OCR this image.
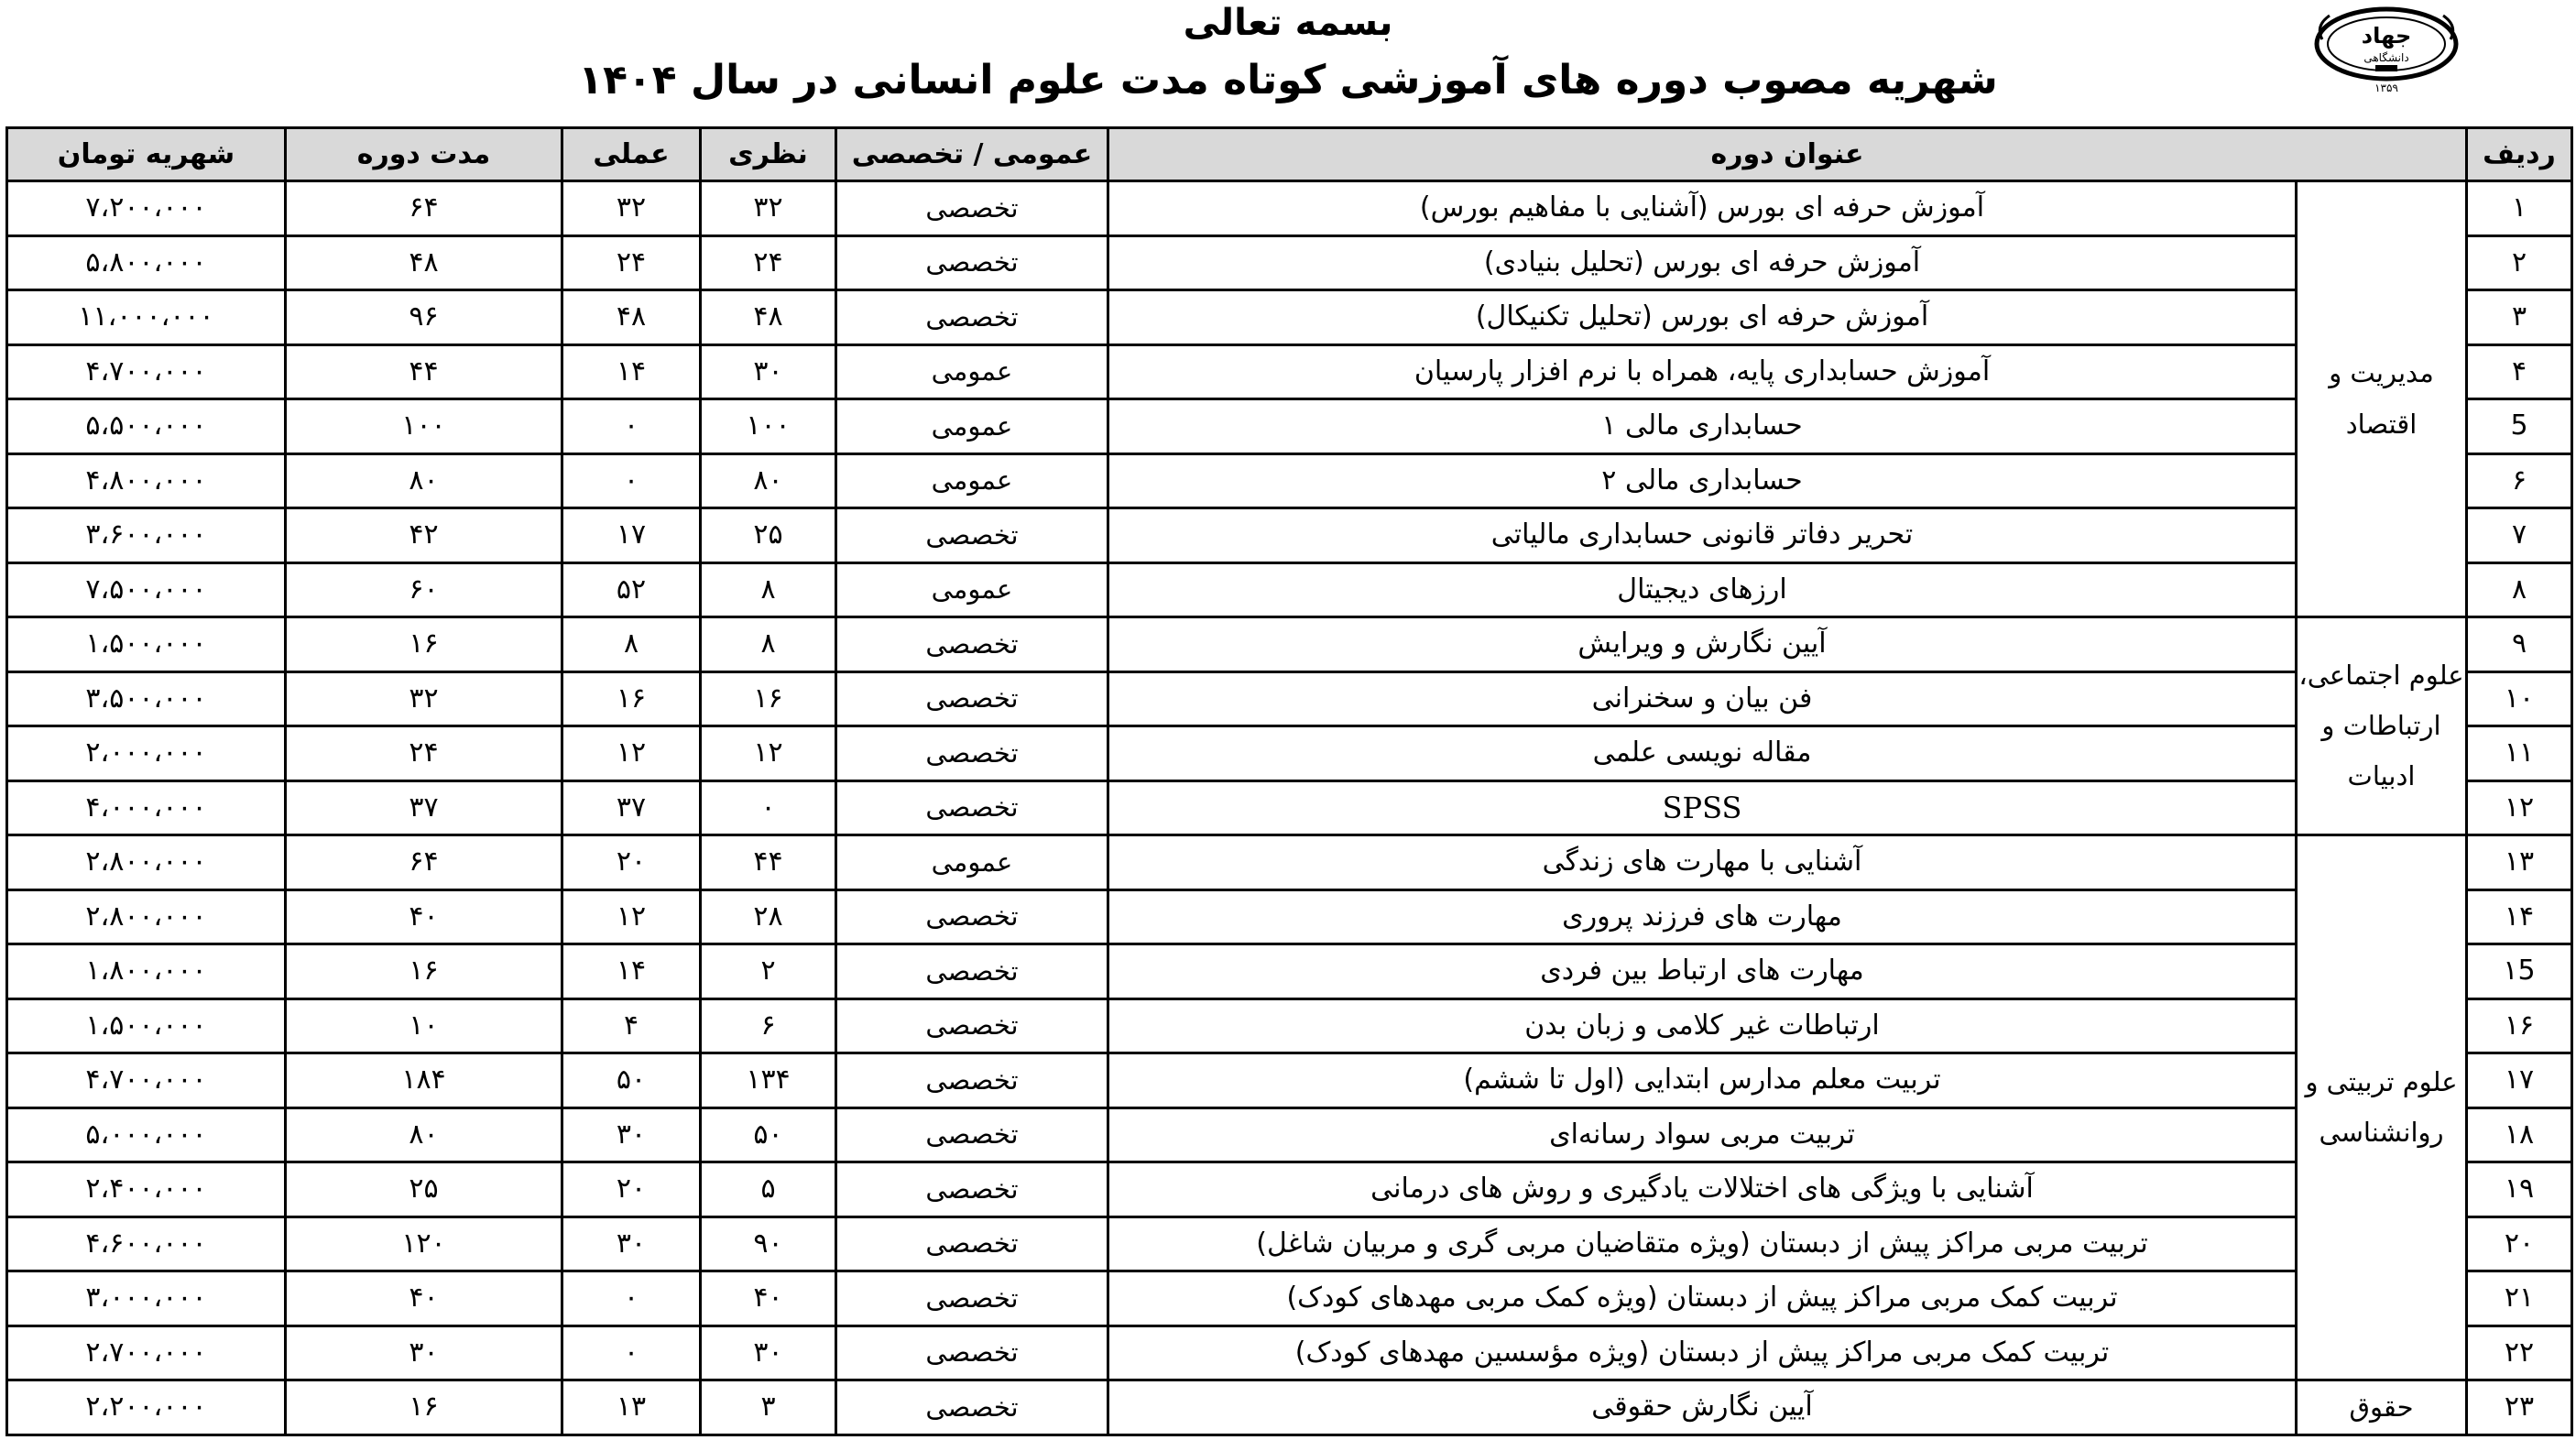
جهاد
دانشگاهی
۱۳۵۹
بسمه تعالی
شهریه مصوب دوره های آموزشی کوتاه مدت علوم انسانی در سال ۱۴۰۴
ردیف	عنوان دوره		عمومی / تخصصی	نظری	عملی	مدت دوره	شهریه تومان
۱	مدیریت و اقتصاد	آموزش حرفه ای بورس (آشنایی با مفاهیم بورس)	تخصصی	۳۲	۳۲	۶۴	۷،۲۰۰،۰۰۰
۲		آموزش حرفه ای بورس (تحلیل بنیادی)	تخصصی	۲۴	۲۴	۴۸	۵،۸۰۰،۰۰۰
۳		آموزش حرفه ای بورس (تحلیل تکنیکال)	تخصصی	۴۸	۴۸	۹۶	۱۱،۰۰۰،۰۰۰
۴		آموزش حسابداری پایه، همراه با نرم افزار پارسیان	عمومی	۳۰	۱۴	۴۴	۴،۷۰۰،۰۰۰
5		حسابداری مالی ۱	عمومی	۱۰۰	۰	۱۰۰	۵،۵۰۰،۰۰۰
۶		حسابداری مالی ۲	عمومی	۸۰	۰	۸۰	۴،۸۰۰،۰۰۰
۷		تحریر دفاتر قانونی حسابداری مالیاتی	تخصصی	۲۵	۱۷	۴۲	۳،۶۰۰،۰۰۰
۸		ارزهای دیجیتال	عمومی	۸	۵۲	۶۰	۷،۵۰۰،۰۰۰
۹	علوم اجتماعی، ارتباطات و ادبیات	آیین نگارش و ویرایش	تخصصی	۸	۸	۱۶	۱،۵۰۰،۰۰۰
۱۰		فن بیان و سخنرانی	تخصصی	۱۶	۱۶	۳۲	۳،۵۰۰،۰۰۰
۱۱		مقاله نویسی علمی	تخصصی	۱۲	۱۲	۲۴	۲،۰۰۰،۰۰۰
۱۲		SPSS	تخصصی	۰	۳۷	۳۷	۴،۰۰۰،۰۰۰
۱۳	علوم تربیتی و روانشناسی	آشنایی با مهارت های زندگی	عمومی	۴۴	۲۰	۶۴	۲،۸۰۰،۰۰۰
۱۴		مهارت های فرزند پروری	تخصصی	۲۸	۱۲	۴۰	۲،۸۰۰،۰۰۰
۱5		مهارت های ارتباط بین فردی	تخصصی	۲	۱۴	۱۶	۱،۸۰۰،۰۰۰
۱۶		ارتباطات غیر کلامی و زبان بدن	تخصصی	۶	۴	۱۰	۱،۵۰۰،۰۰۰
۱۷		تربیت معلم مدارس ابتدایی (اول تا ششم)	تخصصی	۱۳۴	۵۰	۱۸۴	۴،۷۰۰،۰۰۰
۱۸		تربیت مربی سواد رسانه‌ای	تخصصی	۵۰	۳۰	۸۰	۵،۰۰۰،۰۰۰
۱۹		آشنایی با ویژگی های اختلالات یادگیری و روش های درمانی	تخصصی	۵	۲۰	۲۵	۲،۴۰۰،۰۰۰
۲۰		تربیت مربی مراکز پیش از دبستان (ویژه متقاضیان مربی گری و مربیان شاغل)	تخصصی	۹۰	۳۰	۱۲۰	۴،۶۰۰،۰۰۰
۲۱		تربیت کمک مربی مراکز پیش از دبستان (ویژه کمک مربی مهدهای کودک)	تخصصی	۴۰	۰	۴۰	۳،۰۰۰،۰۰۰
۲۲		تربیت کمک مربی مراکز پیش از دبستان (ویژه مؤسسین مهدهای کودک)	تخصصی	۳۰	۰	۳۰	۲،۷۰۰،۰۰۰
۲۳	حقوق	آیین نگارش حقوقی	تخصصی	۳	۱۳	۱۶	۲،۲۰۰،۰۰۰
